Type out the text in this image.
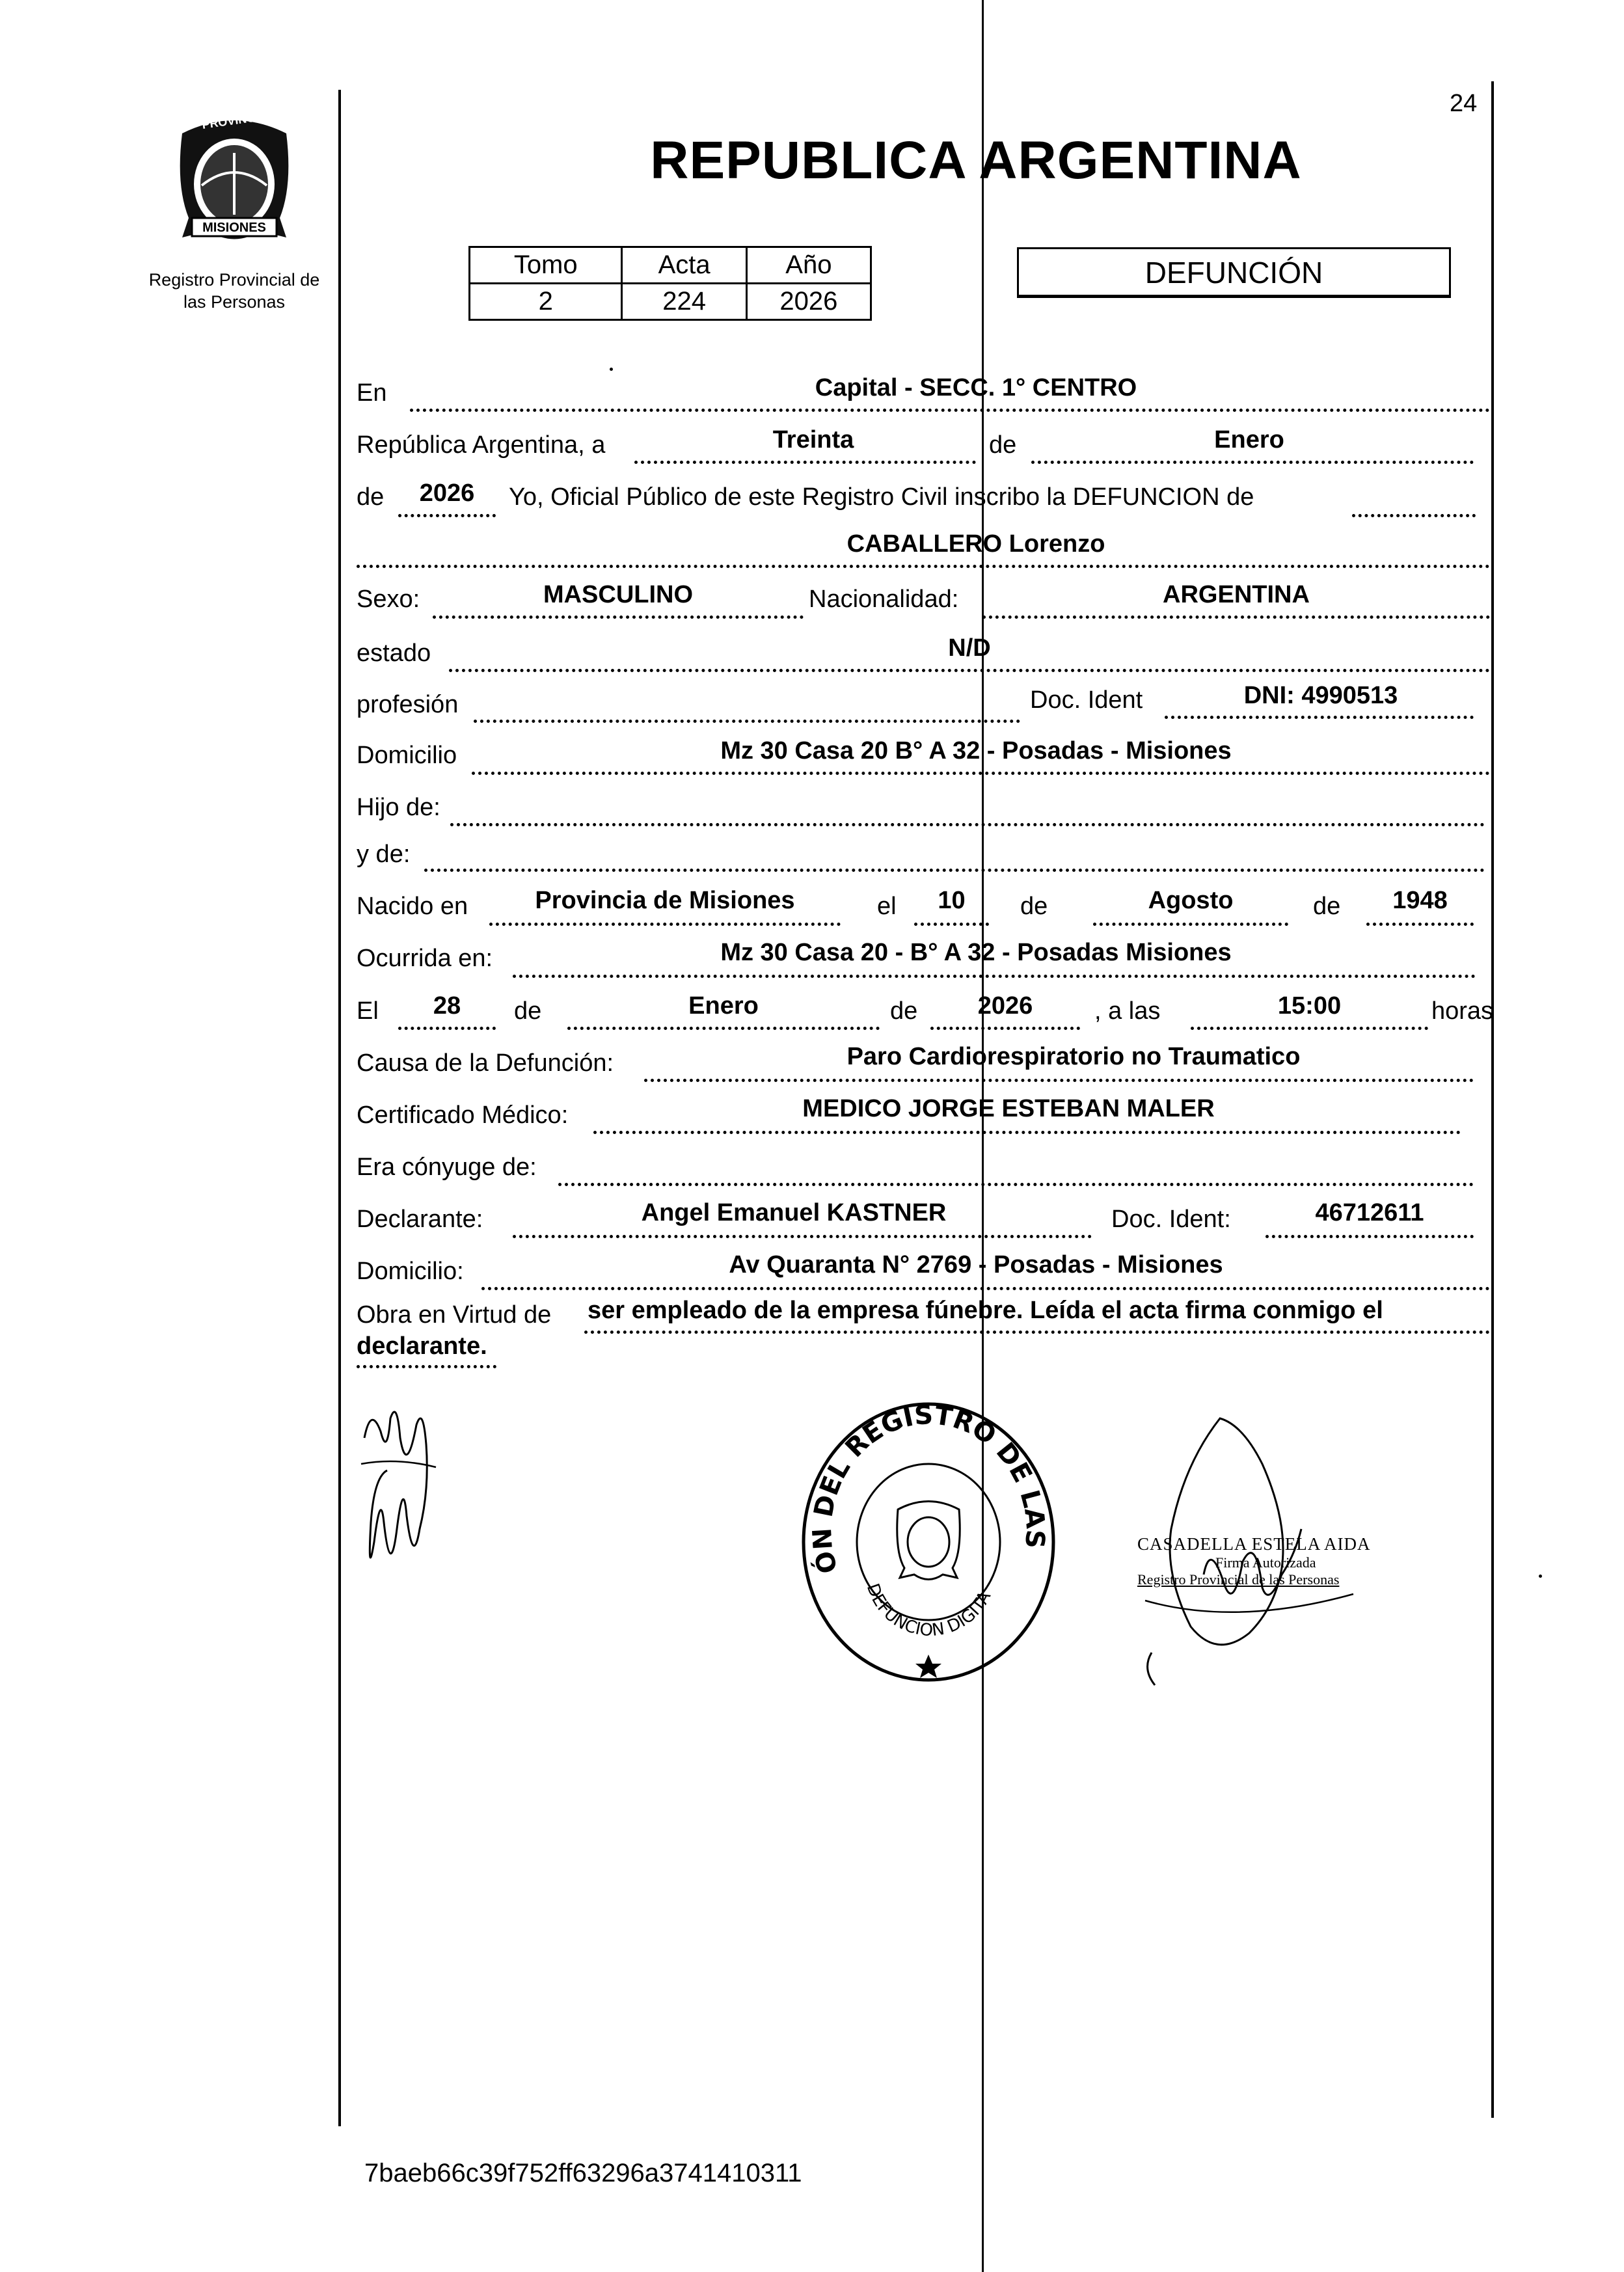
24
PROVINCIA DE
MISIONES
Registro Provincial de
las Personas
REPUBLICA ARGENTINA
Tomo	Acta	Año
2	224	2026
DEFUNCIÓN
En	Capital - SECC. 1° CENTRO
República Argentina, a	Treinta	de	Enero
de	2026	Yo, Oficial Público de este Registro Civil inscribo la DEFUNCION de
CABALLERO Lorenzo
Sexo:	MASCULINO	Nacionalidad:	ARGENTINA
estado	N/D
profesión	Doc. Ident	DNI: 4990513
Domicilio	Mz 30 Casa 20 B° A 32 - Posadas - Misiones
Hijo de:
y de:
Nacido en	Provincia de Misiones	el	10	de	Agosto	de	1948
Ocurrida en:	Mz 30 Casa 20 - B° A 32 - Posadas Misiones
El	28	de	Enero	de	2026	, a las	15:00	horas
Causa de la Defunción:	Paro Cardiorespiratorio no Traumatico
Certificado Médico:	MEDICO JORGE ESTEBAN MALER
Era cónyuge de:
Declarante:	Angel Emanuel KASTNER	Doc. Ident:	46712611
Domicilio:	Av Quaranta N° 2769 - Posadas - Misiones
Obra en Virtud de ser empleado de la empresa fúnebre. Leída el acta firma conmigo el
declarante.
ÓN DEL REGISTRO DE LAS
DEFUNCION DIGITA
CASADELLA ESTELA AIDA
Firma Autorizada
Registro Provincial de las Personas
7baeb66c39f752ff63296a3741410311
